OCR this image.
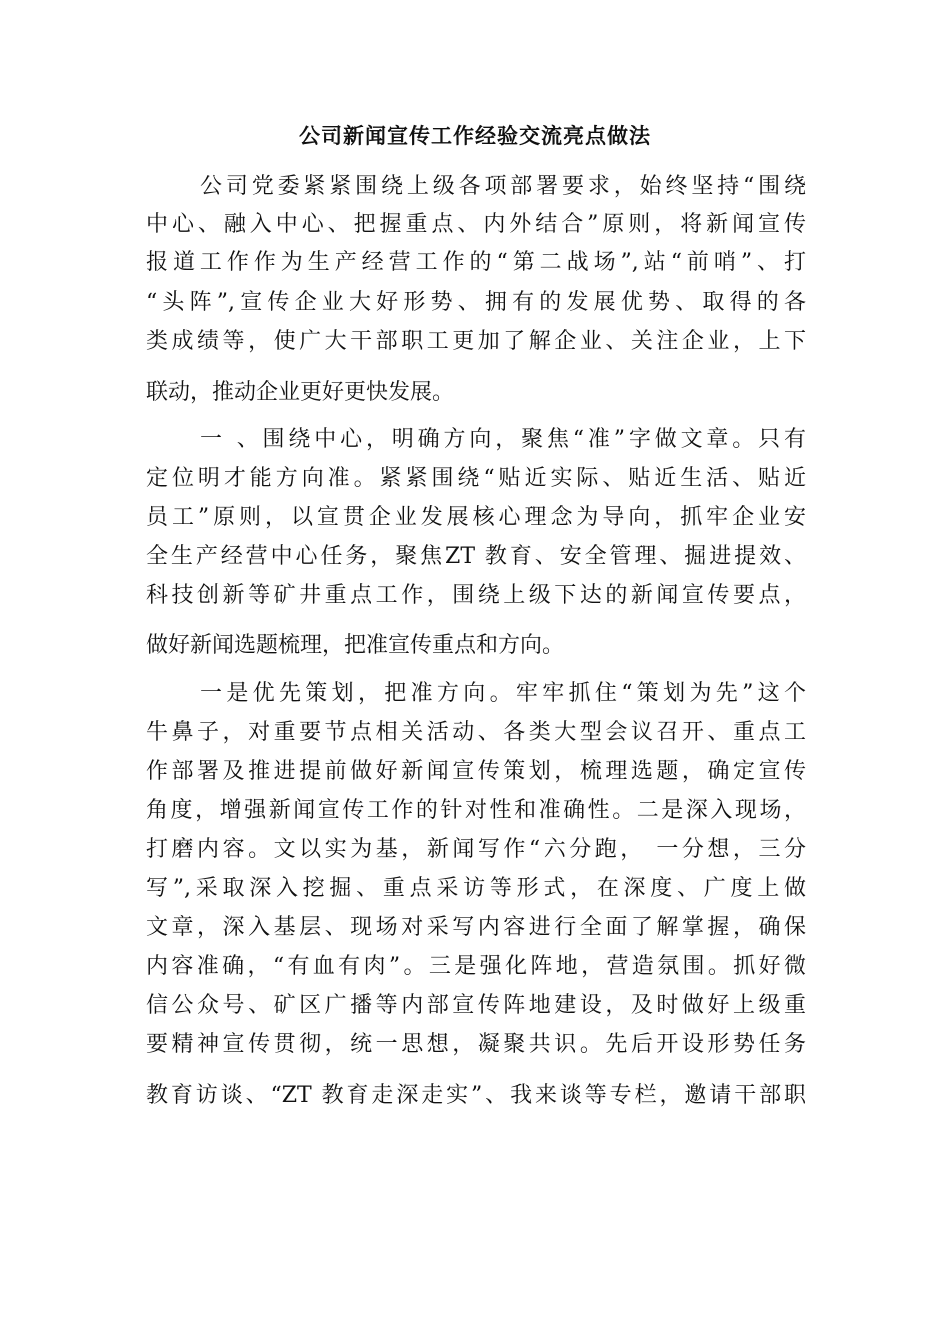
公司新闻宣传工作经验交流亮点做法
公司党委紧紧围绕上级各项部署要求，始终坚持“围绕
中心、融入中心、把握重点、内外结合”原则，将新闻宣传
报道工作作为生产经营工作的“第二战场”,站“前哨”、打
“头阵”,宣传企业大好形势、拥有的发展优势、取得的各
类成绩等，使广大干部职工更加了解企业、关注企业，上下
联动，推动企业更好更快发展。
一 、围绕中心，明确方向，聚焦“准”字做文章。只有
定位明才能方向准。紧紧围绕“贴近实际、贴近生活、贴近
员工”原则，以宣贯企业发展核心理念为导向，抓牢企业安
全生产经营中心任务，聚焦ZT 教育、安全管理、掘进提效、
科技创新等矿井重点工作，围绕上级下达的新闻宣传要点，
做好新闻选题梳理，把准宣传重点和方向。
一是优先策划，把准方向。牢牢抓住“策划为先”这个
牛鼻子，对重要节点相关活动、各类大型会议召开、重点工
作部署及推进提前做好新闻宣传策划，梳理选题，确定宣传
角度，增强新闻宣传工作的针对性和准确性。二是深入现场，
打磨内容。文以实为基，新闻写作“六分跑， 一分想，三分
写”,采取深入挖掘、重点采访等形式，在深度、广度上做
文章，深入基层、现场对采写内容进行全面了解掌握，确保
内容准确，“有血有肉”。三是强化阵地，营造氛围。抓好微
信公众号、矿区广播等内部宣传阵地建设，及时做好上级重
要精神宣传贯彻，统一思想，凝聚共识。先后开设形势任务
教育访谈、“ZT 教育走深走实”、我来谈等专栏，邀请干部职
